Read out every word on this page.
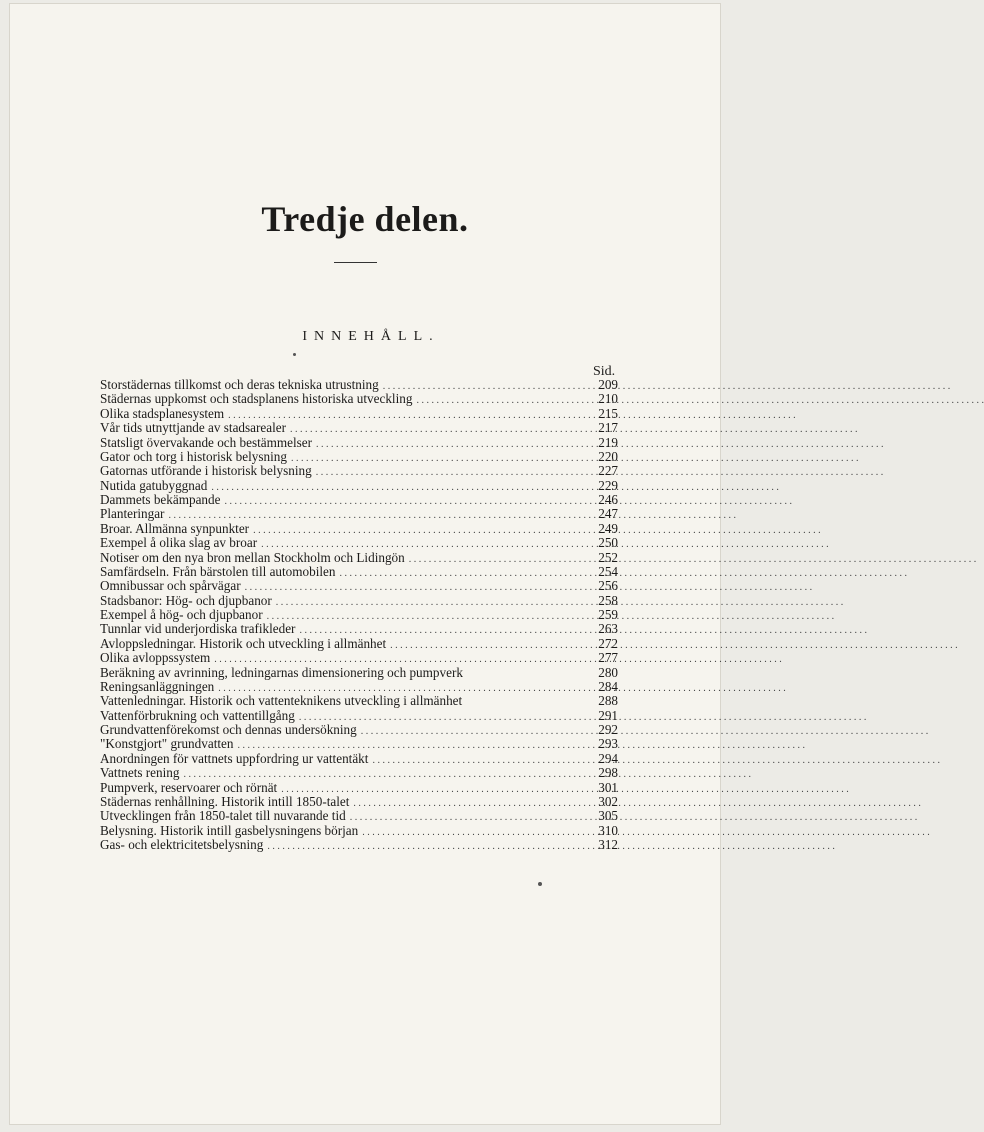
Tredje delen.
INNEHÅLL.
Sid.
Storstädernas tillkomst och deras tekniska utrustning . . .	209
Städernas uppkomst och stadsplanens historiska utveckling . . .	210
Olika stadsplanesystem . . .	215
Vår tids utnyttjande av stadsarealer . . .	217
Statsligt övervakande och bestämmelser . . .	219
Gator och torg i historisk belysning . . .	220
Gatornas utförande i historisk belysning . . .	227
Nutida gatubyggnad . . .	229
Dammets bekämpande . . .	246
Planteringar . . .	247
Broar. Allmänna synpunkter . . .	249
Exempel å olika slag av broar . . .	250
Notiser om den nya bron mellan Stockholm och Lidingön . . .	252
Samfärdseln. Från bärstolen till automobilen . . .	254
Omnibussar och spårvägar . . .	256
Stadsbanor: Hög- och djupbanor . . .	258
Exempel å hög- och djupbanor . . .	259
Tunnlar vid underjordiska trafikleder . . .	263
Avloppsledningar. Historik och utveckling i allmänhet . . .	272
Olika avloppssystem . . .	277
Beräkning av avrinning, ledningarnas dimensionering och pumpverk	280
Reningsanläggningen . . .	284
Vattenledningar. Historik och vattenteknikens utveckling i allmänhet	288
Vattenförbrukning och vattentillgång . . .	291
Grundvattenförekomst och dennas undersökning . . .	292
"Konstgjort" grundvatten . . .	293
Anordningen för vattnets uppfordring ur vattentäkt . . .	294
Vattnets rening . . .	298
Pumpverk, reservoarer och rörnät . . .	301
Städernas renhållning. Historik intill 1850-talet . . .	302
Utvecklingen från 1850-talet till nuvarande tid . . .	305
Belysning. Historik intill gasbelysningens början . . .	310
Gas- och elektricitetsbelysning . . .	312
